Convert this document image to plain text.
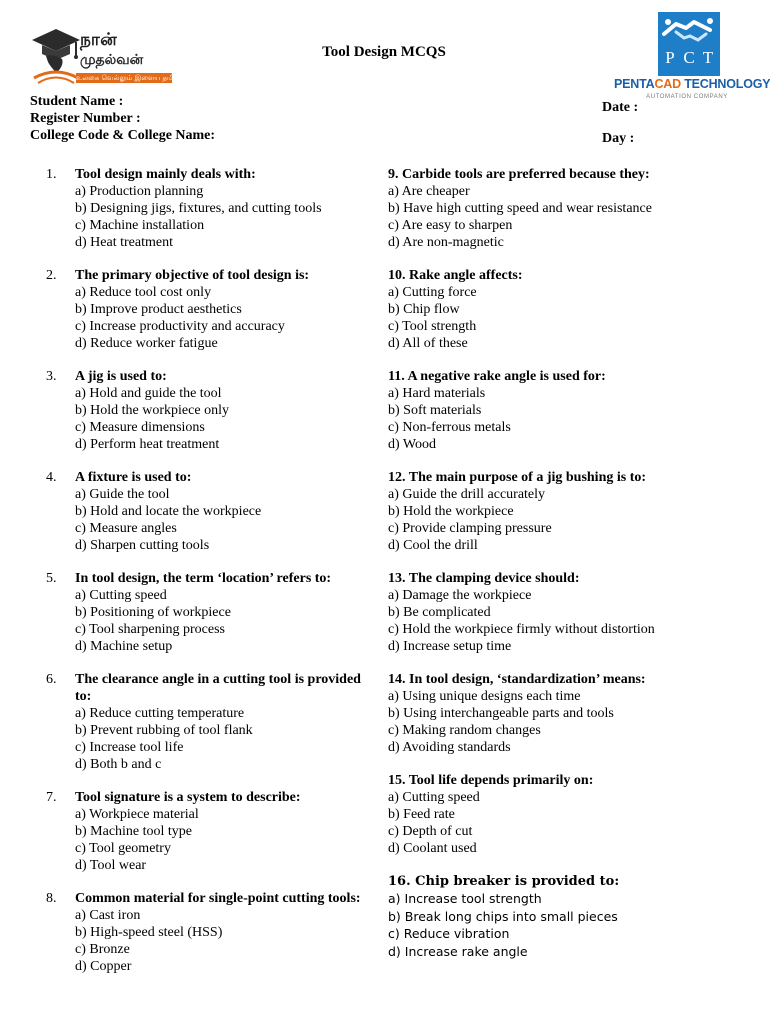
நான்
முதல்வன்
உலகை வெல்லும் இளைய தமிழகம்
Tool Design MCQS	P C T
PENTACAD TECHNOLOGY
AUTOMATION COMPANY
Student Name :
Register Number :
College Code & College Name:
Date :
Day :
1.	Tool design mainly deals with:
a) Production planning
b) Designing jigs, fixtures, and cutting tools
c) Machine installation
d) Heat treatment
2.	The primary objective of tool design is:
a) Reduce tool cost only
b) Improve product aesthetics
c) Increase productivity and accuracy
d) Reduce worker fatigue
3.	A jig is used to:
a) Hold and guide the tool
b) Hold the workpiece only
c) Measure dimensions
d) Perform heat treatment
4.	A fixture is used to:
a) Guide the tool
b) Hold and locate the workpiece
c) Measure angles
d) Sharpen cutting tools
5.	In tool design, the term ‘location’ refers to:
a) Cutting speed
b) Positioning of workpiece
c) Tool sharpening process
d) Machine setup
6.	The clearance angle in a cutting tool is provided to:
a) Reduce cutting temperature
b) Prevent rubbing of tool flank
c) Increase tool life
d) Both b and c
7.	Tool signature is a system to describe:
a) Workpiece material
b) Machine tool type
c) Tool geometry
d) Tool wear
8.	Common material for single-point cutting tools:
a) Cast iron
b) High-speed steel (HSS)
c) Bronze
d) Copper
9. Carbide tools are preferred because they:
a) Are cheaper
b) Have high cutting speed and wear resistance
c) Are easy to sharpen
d) Are non-magnetic
10. Rake angle affects:
a) Cutting force
b) Chip flow
c) Tool strength
d) All of these
11. A negative rake angle is used for:
a) Hard materials
b) Soft materials
c) Non-ferrous metals
d) Wood
12. The main purpose of a jig bushing is to:
a) Guide the drill accurately
b) Hold the workpiece
c) Provide clamping pressure
d) Cool the drill
13. The clamping device should:
a) Damage the workpiece
b) Be complicated
c) Hold the workpiece firmly without distortion
d) Increase setup time
14. In tool design, ‘standardization’ means:
a) Using unique designs each time
b) Using interchangeable parts and tools
c) Making random changes
d) Avoiding standards
15. Tool life depends primarily on:
a) Cutting speed
b) Feed rate
c) Depth of cut
d) Coolant used
16. Chip breaker is provided to:
a) Increase tool strength
b) Break long chips into small pieces
c) Reduce vibration
d) Increase rake angle
